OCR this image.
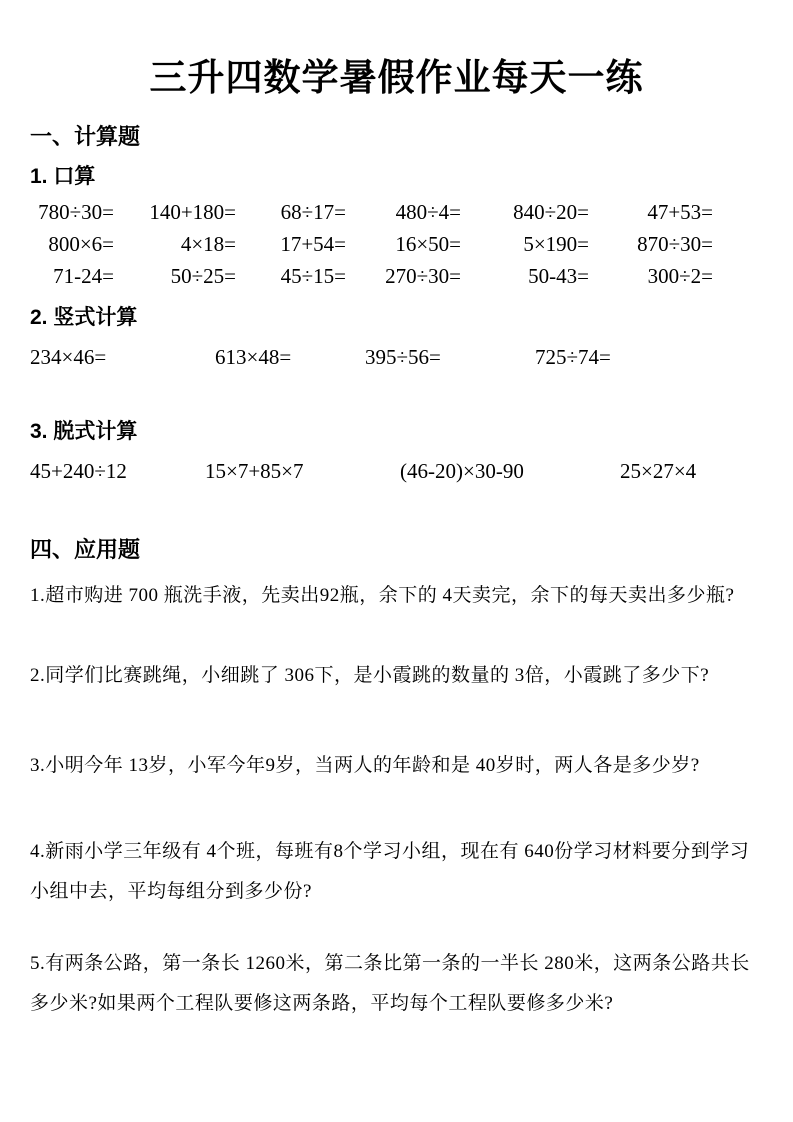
三升四数学暑假作业每天一练
一、计算题
1. 口算
780÷30= 140+180= 68÷17= 480÷4= 840÷20=	47+53=
800×6=	4×18= 17+54= 16×50=	5×190= 870÷30=
71-24=	50÷25= 45÷15= 270÷30=	50-43=	300÷2=
2. 竖式计算
234×46=	613×48=	395÷56=	725÷74=
3. 脱式计算
45+240÷12	15×7+85×7	(46-20)×30-90	25×27×4
四、应用题

1.超市购进 700 瓶洗手液，先卖出92瓶，余下的 4天卖完，余下的每天卖出多少瓶?

2.同学们比赛跳绳，小细跳了 306下，是小霞跳的数量的 3倍，小霞跳了多少下?

3.小明今年 13岁，小军今年9岁，当两人的年龄和是 40岁时，两人各是多少岁?

4.新雨小学三年级有 4个班，每班有8个学习小组，现在有 640份学习材料要分到学习小组中去，平均每组分到多少份?

5.有两条公路，第一条长 1260米，第二条比第一条的一半长 280米，这两条公路共长多少米?如果两个工程队要修这两条路，平均每个工程队要修多少米?
